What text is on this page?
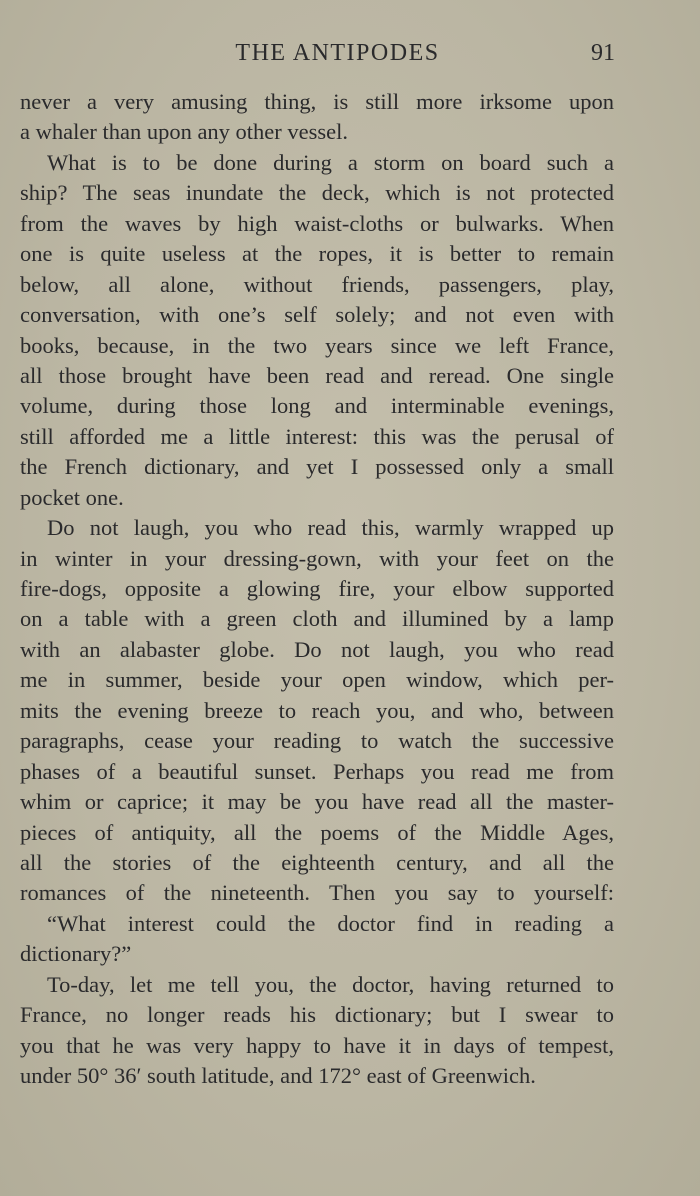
THE ANTIPODES	91
never a very amusing thing, is still more irksome upon
a whaler than upon any other vessel.
What is to be done during a storm on board such a
ship? The seas inundate the deck, which is not protected
from the waves by high waist-cloths or bulwarks. When
one is quite useless at the ropes, it is better to remain
below, all alone, without friends, passengers, play,
conversation, with one’s self solely; and not even with
books, because, in the two years since we left France,
all those brought have been read and reread. One single
volume, during those long and interminable evenings,
still afforded me a little interest: this was the perusal of
the French dictionary, and yet I possessed only a small
pocket one.
Do not laugh, you who read this, warmly wrapped up
in winter in your dressing-gown, with your feet on the
fire-dogs, opposite a glowing fire, your elbow supported
on a table with a green cloth and illumined by a lamp
with an alabaster globe. Do not laugh, you who read
me in summer, beside your open window, which per-
mits the evening breeze to reach you, and who, between
paragraphs, cease your reading to watch the successive
phases of a beautiful sunset. Perhaps you read me from
whim or caprice; it may be you have read all the master-
pieces of antiquity, all the poems of the Middle Ages,
all the stories of the eighteenth century, and all the
romances of the nineteenth. Then you say to yourself:
“What interest could the doctor find in reading a
dictionary?”
To-day, let me tell you, the doctor, having returned to
France, no longer reads his dictionary; but I swear to
you that he was very happy to have it in days of tempest,
under 50° 36′ south latitude, and 172° east of Greenwich.
